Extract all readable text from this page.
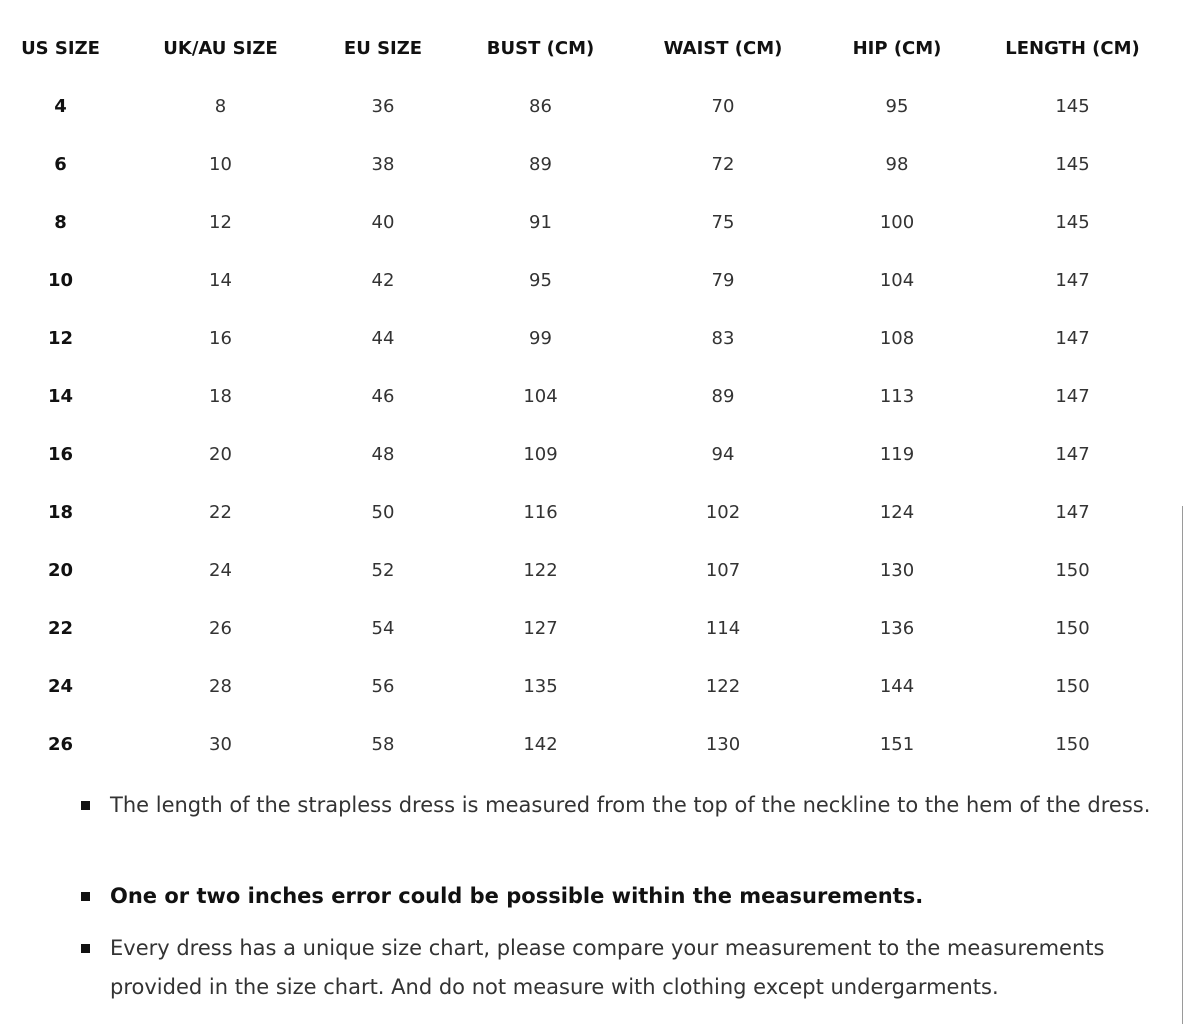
US SIZE	UK/AU SIZE	EU SIZE	BUST (CM)	WAIST (CM)	HIP (CM)	LENGTH (CM)
4	8	36	86	70	95	145
6	10	38	89	72	98	145
8	12	40	91	75	100	145
10	14	42	95	79	104	147
12	16	44	99	83	108	147
14	18	46	104	89	113	147
16	20	48	109	94	119	147
18	22	50	116	102	124	147
20	24	52	122	107	130	150
22	26	54	127	114	136	150
24	28	56	135	122	144	150
26	30	58	142	130	151	150
The length of the strapless dress is measured from the top of the neckline to the hem of the dress.
One or two inches error could be possible within the measurements.
Every dress has a unique size chart, please compare your measurement to the measurements provided in the size chart. And do not measure with clothing except undergarments.
